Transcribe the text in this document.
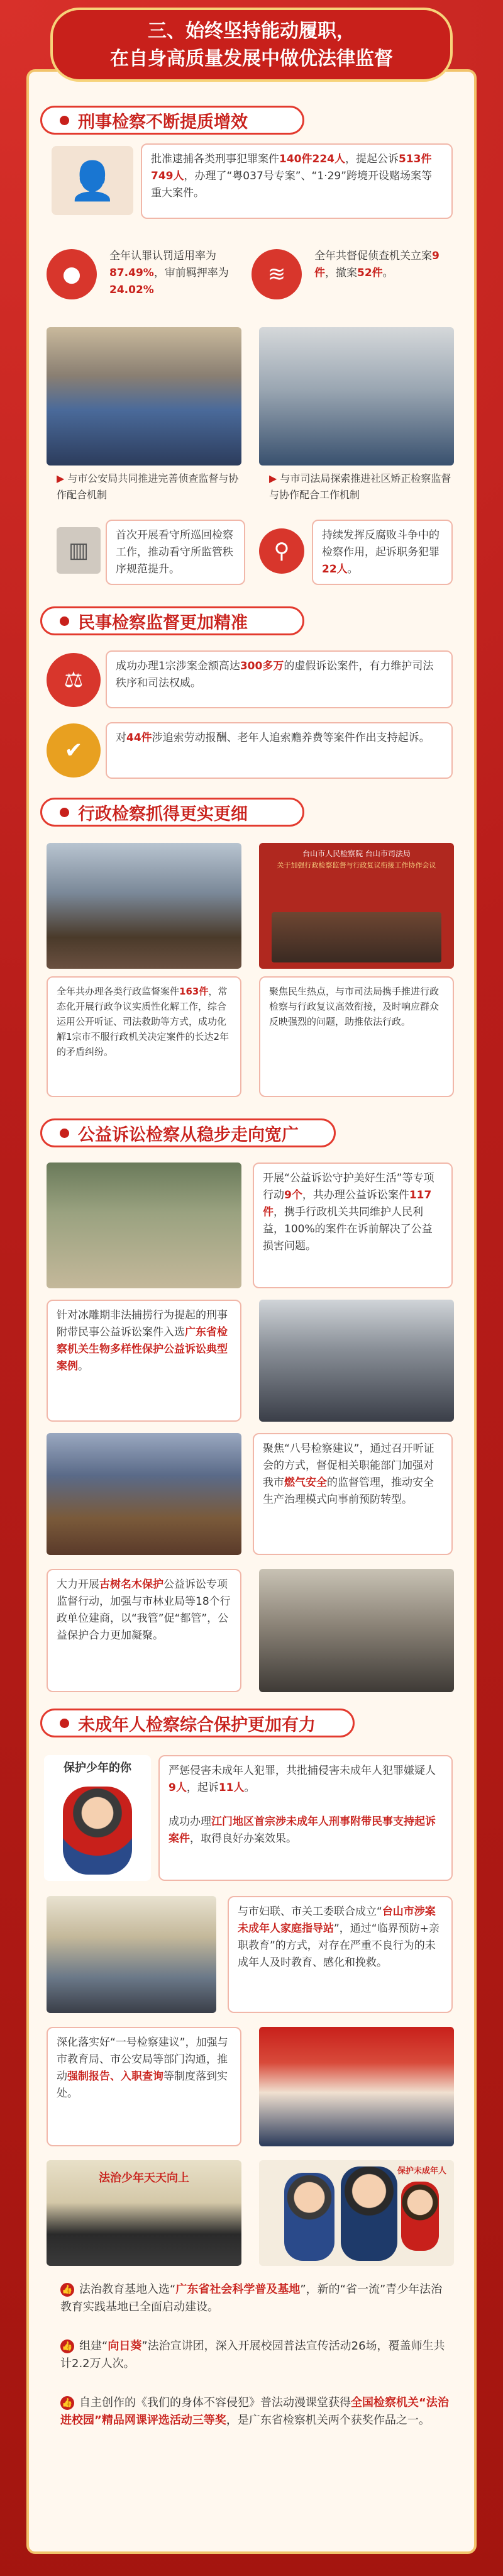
三、始终坚持能动履职，
在自身高质量发展中做优法律监督
刑事检察不断提质增效
👤	批准逮捕各类刑事犯罪案件140件224人，提起公诉513件749人，办理了“粤037号专案”、“1·29”跨境开设赌场案等重大案件。
●
全年认罪认罚适用率为87.49%，审前羁押率为24.02%
≋
全年共督促侦查机关立案9件，撤案52件。
▶ 与市公安局共同推进完善侦查监督与协作配合机制
▶ 与市司法局探索推进社区矫正检察监督与协作配合工作机制
▥
首次开展看守所巡回检察工作，推动看守所监管秩序规范提升。
⚲
持续发挥反腐败斗争中的检察作用，起诉职务犯罪22人。
民事检察监督更加精准
⚖
成功办理1宗涉案金额高达300多万的虚假诉讼案件，有力维护司法秩序和司法权威。
✔	对44件涉追索劳动报酬、老年人追索赡养费等案件作出支持起诉。
行政检察抓得更实更细
台山市人民检察院 台山市司法局
关于加强行政检察监督与行政复议衔接工作协作会议
全年共办理各类行政监督案件163件，常态化开展行政争议实质性化解工作，综合运用公开听证、司法救助等方式，成功化解1宗市不服行政机关决定案件的长达2年的矛盾纠纷。
聚焦民生热点，与市司法局携手推进行政检察与行政复议高效衔接，及时响应群众反映强烈的问题，助推依法行政。
公益诉讼检察从稳步走向宽广
开展“公益诉讼守护美好生活”等专项行动9个，共办理公益诉讼案件117件，携手行政机关共同维护人民利益，100%的案件在诉前解决了公益损害问题。
针对冰雕期非法捕捞行为提起的刑事附带民事公益诉讼案件入选广东省检察机关生物多样性保护公益诉讼典型案例。
聚焦“八号检察建议”，通过召开听证会的方式，督促相关职能部门加强对我市燃气安全的监督管理，推动安全生产治理模式向事前预防转型。
大力开展古树名木保护公益诉讼专项监督行动，加强与市林业局等18个行政单位建商，以“我管”促“都管”，公益保护合力更加凝聚。
未成年人检察综合保护更加有力
保护少年的你	严惩侵害未成年人犯罪，共批捕侵害未成年人犯罪嫌疑人9人，起诉11人。

成功办理江门地区首宗涉未成年人刑事附带民事支持起诉案件，取得良好办案效果。
与市妇联、市关工委联合成立“台山市涉案未成年人家庭指导站”，通过“临界预防+亲职教育”的方式，对存在严重不良行为的未成年人及时教育、感化和挽救。
深化落实好“一号检察建议”，加强与市教育局、市公安局等部门沟通，推动强制报告、入职查询等制度落到实处。
法治少年天天向上
保护未成年人
👍 法治教育基地入选“广东省社会科学普及基地”，新的“省一流”青少年法治教育实践基地已全面启动建设。
👍 组建“向日葵”法治宣讲团，深入开展校园普法宣传活动26场，覆盖师生共计2.2万人次。
👍 自主创作的《我们的身体不容侵犯》普法动漫课堂获得全国检察机关“法治进校园”精品网课评选活动三等奖，是广东省检察机关两个获奖作品之一。
